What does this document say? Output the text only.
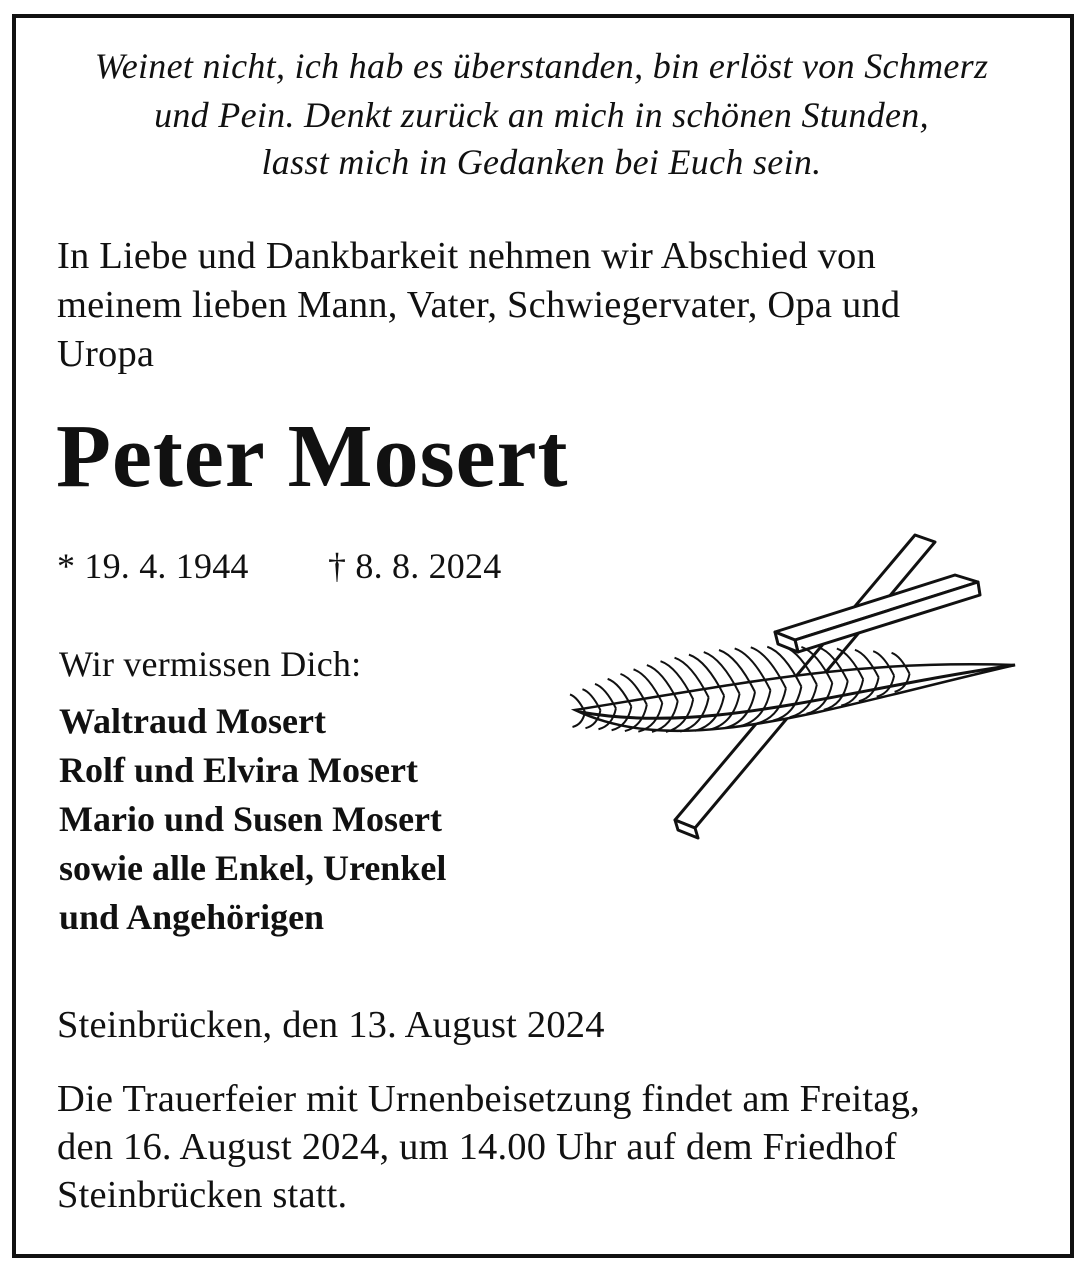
Weinet nicht, ich hab es überstanden, bin erlöst von Schmerz
und Pein. Denkt zurück an mich in schönen Stunden,
lasst mich in Gedanken bei Euch sein.
In Liebe und Dankbarkeit nehmen wir Abschied von
meinem lieben Mann, Vater, Schwiegervater, Opa und
Uropa
Peter Mosert
* 19. 4. 1944 † 8. 8. 2024
Wir vermissen Dich:
Waltraud Mosert
Rolf und Elvira Mosert
Mario und Susen Mosert
sowie alle Enkel, Urenkel
und Angehörigen
Steinbrücken, den 13. August 2024
Die Trauerfeier mit Urnenbeisetzung findet am Freitag,
den 16. August 2024, um 14.00 Uhr auf dem Friedhof
Steinbrücken statt.
